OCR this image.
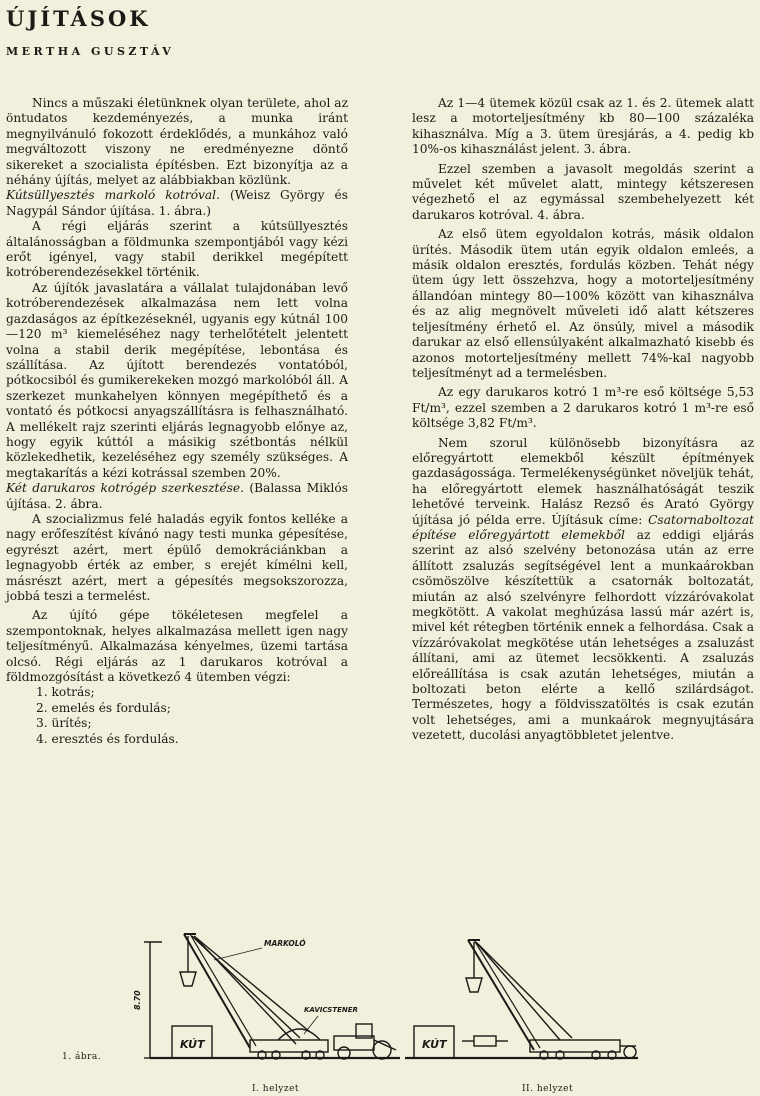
ÚJÍTÁSOK
MERTHA GUSZTÁV

Nincs a műszaki életünknek olyan területe, ahol az öntudatos kezdeményezés, a munka iránt megnyilvánuló fokozott érdeklődés, a munkához való megváltozott viszony ne eredményezne döntő sikereket a szocialista építésben. Ezt bizonyítja az a néhány újítás, melyet az alábbiakban közlünk.

Kútsüllyesztés markoló kotróval. (Weisz György és Nagypál Sándor újítása. 1. ábra.)

A régi eljárás szerint a kútsüllyesztés általánosságban a földmunka szempontjából vagy kézi erőt igényel, vagy stabil derikkel megépített kotróberendezésekkel történik.

Az újítók javaslatára a vállalat tulajdonában levő kotróberendezések alkalmazása nem lett volna gazdaságos az építkezéseknél, ugyanis egy kútnál 100—120 m³ kiemeléséhez nagy terhelőtételt jelentett volna a stabil derik megépítése, lebontása és szállítása. Az újított berendezés vontatóból, pótkocsiból és gumikerekeken mozgó markolóból áll. A szerkezet munkahelyen könnyen megépíthető és a vontató és pótkocsi anyagszállításra is felhasználható. A mellékelt rajz szerinti eljárás legnagyobb előnye az, hogy egyik kúttól a másikig szétbontás nélkül közlekedhetik, kezeléséhez egy személy szükséges. A megtakarítás a kézi kotrással szemben 20%.

Két darukaros kotrógép szerkesztése. (Balassa Miklós újítása. 2. ábra.

A szocializmus felé haladás egyik fontos kelléke a nagy erőfeszítést kívánó nagy testi munka gépesítése, egyrészt azért, mert épülő demokráciánkban a legnagyobb érték az ember, s erejét kímélni kell, másrészt azért, mert a gépesítés megsokszorozza, jobbá teszi a termelést.

Az újító gépe tökéletesen megfelel a szempontoknak, helyes alkalmazása mellett igen nagy teljesítményű. Alkalmazása kényelmes, üzemi tartása olcsó. Régi eljárás az 1 darukaros kotróval a földmozgósítást a következő 4 ütemben végzi:

1. kotrás;
2. emelés és fordulás;
3. ürítés;
4. eresztés és fordulás.

Az 1—4 ütemek közül csak az 1. és 2. ütemek alatt lesz a motorteljesítmény kb 80—100 százaléka kihasználva. Míg a 3. ütem üresjárás, a 4. pedig kb 10%-os kihasználást jelent. 3. ábra.

Ezzel szemben a javasolt megoldás szerint a művelet két művelet alatt, mintegy kétszeresen végezhető el az egymással szembehelyezett két darukaros kotróval. 4. ábra.

Az első ütem egyoldalon kotrás, másik oldalon ürítés. Második ütem után egyik oldalon emleés, a másik oldalon eresztés, fordulás közben. Tehát négy ütem úgy lett összehzva, hogy a motorteljesítmény állandóan mintegy 80—100% között van kihasználva és az alig megnövelt műveleti idő alatt kétszeres teljesítmény érhető el. Az önsúly, mivel a második darukar az első ellensúlyaként alkalmazható kisebb és azonos motorteljesítmény mellett 74%-kal nagyobb teljesítményt ad a termelésben.

Az egy darukaros kotró 1 m³-re eső költsége 5,53 Ft/m³, ezzel szemben a 2 darukaros kotró 1 m³-re eső költsége 3,82 Ft/m³.

Nem szorul különösebb bizonyításra az előregyártott elemekből készült építmények gazdaságossága. Termelékenységünket növeljük tehát, ha előregyártott elemek használhatóságát teszik lehetővé terveink. Halász Rezső és Arató György újítása jó példa erre. Újításuk címe: Csatornaboltozat építése előregyártott elemekből az eddigi eljárás szerint az alsó szelvény betonozása után az erre állított zsaluzás segítségével lent a munkaárokban csömöszölve készítettük a csatornák boltozatát, miután az alsó szelvényre felhordott vízzáróvakolat megkötött. A vakolat meghúzása lassú már azért is, mivel két rétegben történik ennek a felhordása. Csak a vízzáróvakolat megkötése után lehetséges a zsaluzást állítani, ami az ütemet lecsökkenti. A zsaluzás előreállítása is csak azután lehetséges, miután a boltozati beton elérte a kellő szilárdságot. Természetes, hogy a földvisszatöltés is csak ezután volt lehetséges, ami a munkaárok megnyujtására vezetett, ducolási anyagtöbbletet jelentve.

MARKOLÓ
KAVICSTENER
8.70
KÚT	KÚT
1. ábra.
I. helyzet	II. helyzet
